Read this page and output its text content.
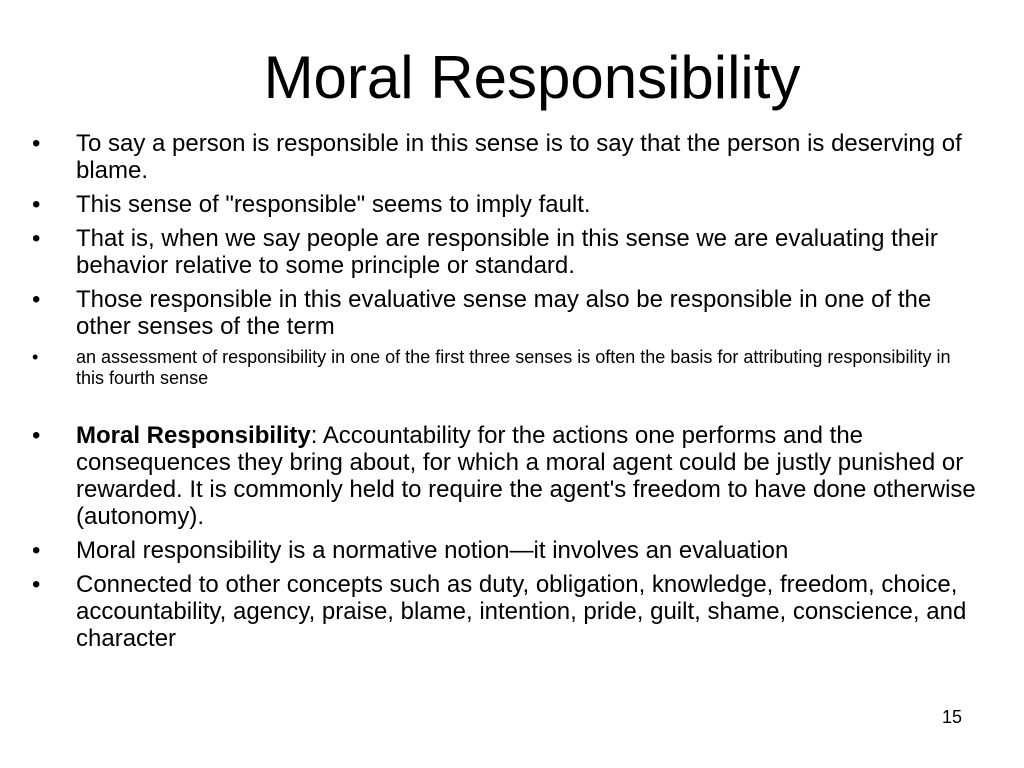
Moral Responsibility
• To say a person is responsible in this sense is to say that the person is deserving of blame.
• This sense of "responsible" seems to imply fault.
• That is, when we say people are responsible in this sense we are evaluating their behavior relative to some principle or standard.
• Those responsible in this evaluative sense may also be responsible in one of the other senses of the term
• an assessment of responsibility in one of the first three senses is often the basis for attributing responsibility in this fourth sense
• Moral Responsibility: Accountability for the actions one performs and the consequences they bring about, for which a moral agent could be justly punished or rewarded. It is commonly held to require the agent's freedom to have done otherwise (autonomy).
• Moral responsibility is a normative notion—it involves an evaluation
• Connected to other concepts such as duty, obligation, knowledge, freedom, choice, accountability, agency, praise, blame, intention, pride, guilt, shame, conscience, and character
15
